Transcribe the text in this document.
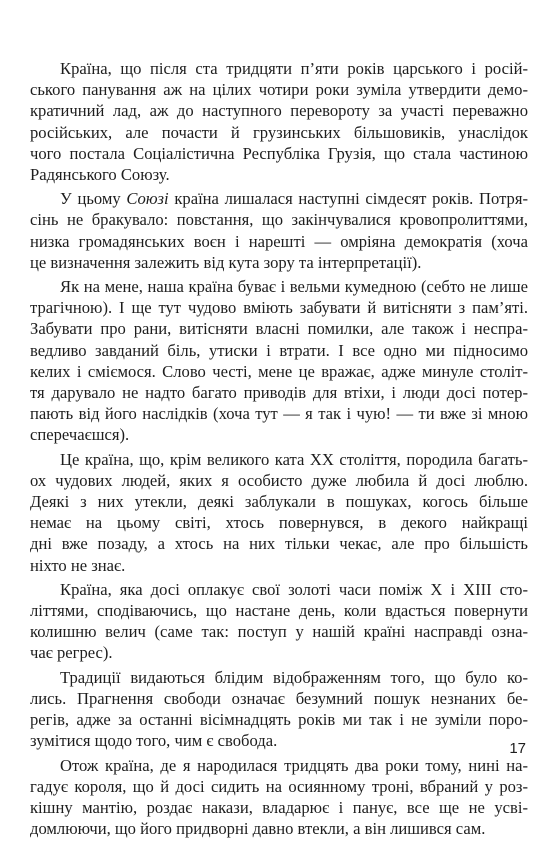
Країна, що після ста тридцяти п’яти років царського і росій-
ського панування аж на цілих чотири роки зуміла утвердити демо-
кратичний лад, аж до наступного перевороту за участі переважно
російських, але почасти й грузинських більшовиків, унаслідок
чого постала Соціалістична Республіка Грузія, що стала частиною
Радянського Союзу.

У цьому Союзі країна лишалася наступні сімдесят років. Потря-
сінь не бракувало: повстання, що закінчувалися кровопролиттями,
низка громадянських воєн і нарешті — омріяна демократія (хоча
це визначення залежить від кута зору та інтерпретації).

Як на мене, наша країна буває і вельми кумедною (себто не лише
трагічною). І ще тут чудово вміють забувати й витісняти з пам’яті.
Забувати про рани, витісняти власні помилки, але також і неспра-
ведливо завданий біль, утиски і втрати. І все одно ми підносимо
келих і сміємося. Слово честі, мене це вражає, адже минуле століт-
тя дарувало не надто багато приводів для втіхи, і люди досі потер-
пають від його наслідків (хоча тут — я так і чую! — ти вже зі мною
сперечаєшся).

Це країна, що, крім великого ката XX століття, породила багать-
ох чудових людей, яких я особисто дуже любила й досі люблю.
Деякі з них утекли, деякі заблукали в пошуках, когось більше
немає на цьому світі, хтось повернувся, в декого найкращі
дні вже позаду, а хтось на них тільки чекає, але про більшість
ніхто не знає.

Країна, яка досі оплакує свої золоті часи поміж X і XIII сто-
літтями, сподіваючись, що настане день, коли вдасться повернути
колишню велич (саме так: поступ у нашій країні насправді озна-
чає регрес).

Традиції видаються блідим відображенням того, що було ко-
лись. Прагнення свободи означає безумний пошук незнаних бе-
регів, адже за останні вісімнадцять років ми так і не зуміли поро-
зумітися щодо того, чим є свобода.

Отож країна, де я народилася тридцять два роки тому, нині на-
гадує короля, що й досі сидить на осиянному троні, вбраний у роз-
кішну мантію, роздає накази, владарює і панує, все ще не усві-
домлюючи, що його придворні давно втекли, а він лишився сам.

17
